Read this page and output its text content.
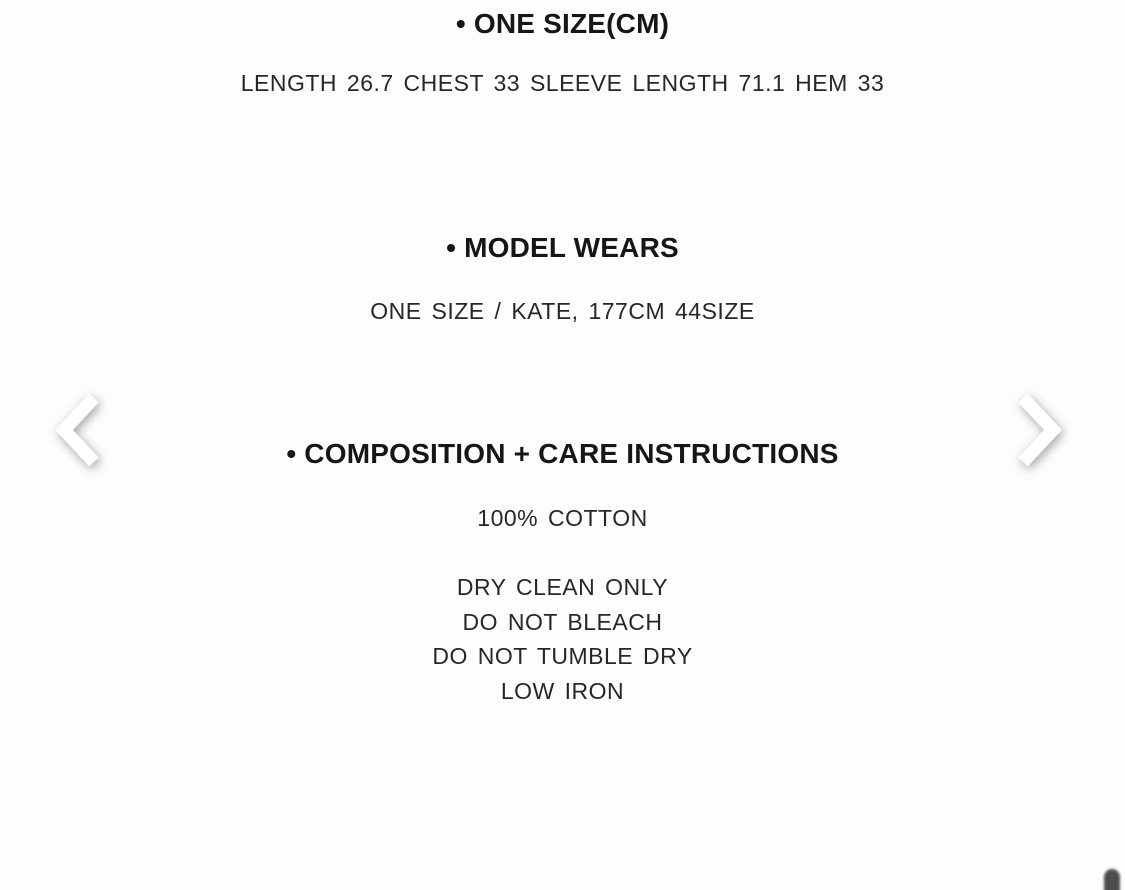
• ONE SIZE(CM)
LENGTH 26.7 CHEST 33 SLEEVE LENGTH 71.1 HEM 33
• MODEL WEARS
ONE SIZE / KATE, 177CM 44SIZE
• COMPOSITION + CARE INSTRUCTIONS
100% COTTON
DRY CLEAN ONLY
DO NOT BLEACH
DO NOT TUMBLE DRY
LOW IRON
